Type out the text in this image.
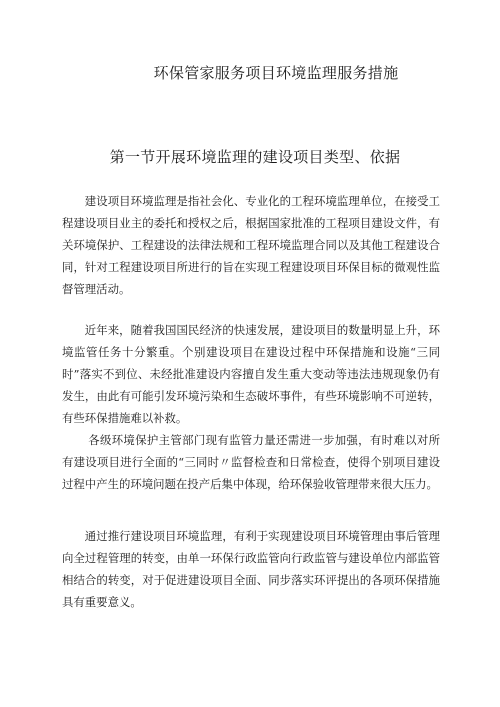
环保管家服务项目环境监理服务措施
第一节开展环境监理的建设项目类型、依据

建设项目环境监理是指社会化、专业化的工程环境监理单位，在接受工程建设项目业主的委托和授权之后，根据国家批准的工程项目建设文件，有关环境保护、工程建设的法律法规和工程环境监理合同以及其他工程建设合同，针对工程建设项目所进行的旨在实现工程建设项目环保目标的微观性监督管理活动。

近年来，随着我国国民经济的快速发展，建设项目的数量明显上升，环境监管任务十分繁重。个别建设项目在建设过程中环保措施和设施“三同时”落实不到位、未经批准建设内容擅自发生重大变动等违法违规现象仍有发生，由此有可能引发环境污染和生态破坏事件，有些环境影响不可逆转，有些环保措施难以补救。

各级环境保护主管部门现有监管力量还需进一步加强，有时难以对所有建设项目进行全面的“三同时〃监督检查和日常检查，使得个别项目建设过程中产生的环境问题在投产后集中体现，给环保验收管理带来很大压力。

通过推行建设项目环境监理，有利于实现建设项目环境管理由事后管理向全过程管理的转变，由单一环保行政监管向行政监管与建设单位内部监管相结合的转变，对于促进建设项目全面、同步落实环评提出的各项环保措施具有重要意义。
